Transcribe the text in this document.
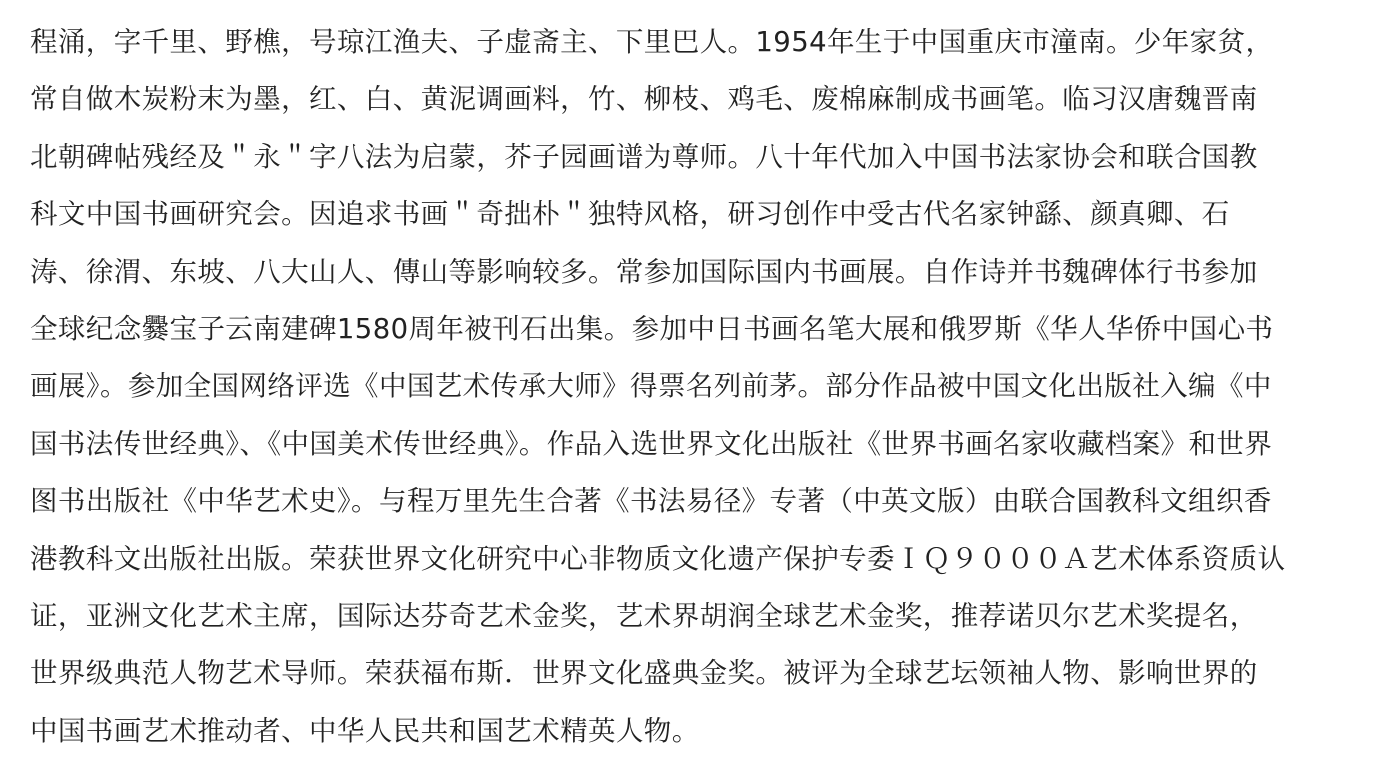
程涌，字千里、野樵，号琼江渔夫、子虚斋主、下里巴人。1954年生于中国重庆市潼南。少年家贫，
常自做木炭粉末为墨，红、白、黄泥调画料，竹、柳枝、鸡毛、废棉麻制成书画笔。临习汉唐魏晋南
北朝碑帖残经及＂永＂字八法为启蒙，芥子园画谱为尊师。八十年代加入中国书法家协会和联合国教
科文中国书画研究会。因追求书画＂奇拙朴＂独特风格，研习创作中受古代名家钟繇、颜真卿、石
涛、徐渭、东坡、八大山人、傳山等影响较多。常参加国际国内书画展。自作诗并书魏碑体行书参加
全球纪念爨宝子云南建碑1580周年被刊石出集。参加中日书画名笔大展和俄罗斯《华人华侨中国心书
画展》。参加全国网络评选《中国艺术传承大师》得票名列前茅。部分作品被中国文化出版社入编《中
国书法传世经典》、《中国美术传世经典》。作品入选世界文化出版社《世界书画名家收藏档案》和世界
图书出版社《中华艺术史》。与程万里先生合著《书法易径》专著（中英文版）由联合国教科文组织香
港教科文出版社出版。荣获世界文化研究中心非物质文化遗产保护专委ＩＱ９０００Ａ艺术体系资质认
证，亚洲文化艺术主席，国际达芬奇艺术金奖，艺术界胡润全球艺术金奖，推荐诺贝尔艺术奖提名，
世界级典范人物艺术导师。荣获福布斯．世界文化盛典金奖。被评为全球艺坛领袖人物、影响世界的
中国书画艺术推动者、中华人民共和国艺术精英人物。
